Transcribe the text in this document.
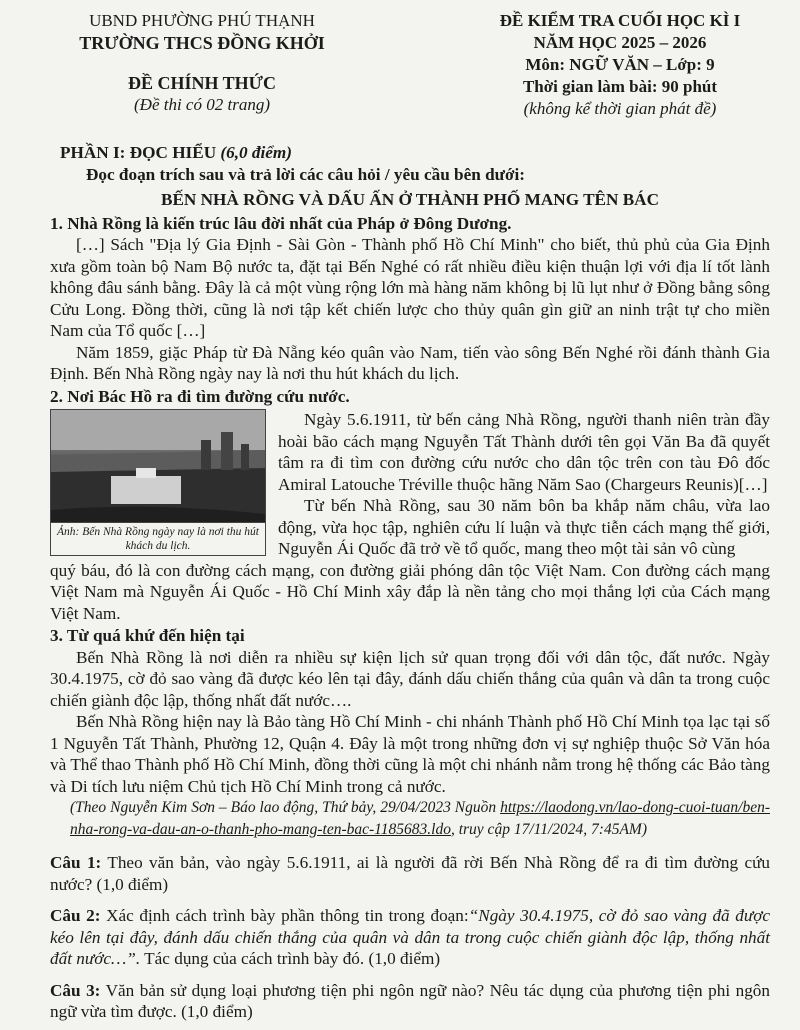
UBND PHƯỜNG PHÚ THẠNH
TRƯỜNG THCS ĐỒNG KHỞI
ĐỀ CHÍNH THỨC
(Đề thi có 02 trang)
ĐỀ KIỂM TRA CUỐI HỌC KÌ I
NĂM HỌC 2025 – 2026
Môn: NGỮ VĂN – Lớp: 9
Thời gian làm bài: 90 phút
(không kể thời gian phát đề)
PHẦN I: ĐỌC HIỂU (6,0 điểm)
Đọc đoạn trích sau và trả lời các câu hỏi / yêu cầu bên dưới:
BẾN NHÀ RỒNG VÀ DẤU ẤN Ở THÀNH PHỐ MANG TÊN BÁC
1. Nhà Rồng là kiến trúc lâu đời nhất của Pháp ở Đông Dương.

[…] Sách "Địa lý Gia Định - Sài Gòn - Thành phố Hồ Chí Minh" cho biết, thủ phủ của Gia Định xưa gồm toàn bộ Nam Bộ nước ta, đặt tại Bến Nghé có rất nhiều điều kiện thuận lợi với địa lí tốt lành không đâu sánh bằng. Đây là cả một vùng rộng lớn mà hàng năm không bị lũ lụt như ở Đồng bằng sông Cửu Long. Đồng thời, cũng là nơi tập kết chiến lược cho thủy quân gìn giữ an ninh trật tự cho miền Nam của Tổ quốc […]

Năm 1859, giặc Pháp từ Đà Nẵng kéo quân vào Nam, tiến vào sông Bến Nghé rồi đánh thành Gia Định. Bến Nhà Rồng ngày nay là nơi thu hút khách du lịch.

2. Nơi Bác Hồ ra đi tìm đường cứu nước.
Ảnh: Bến Nhà Rồng ngày nay là nơi thu hút khách du lịch.

Ngày 5.6.1911, từ bến cảng Nhà Rồng, người thanh niên tràn đầy hoài bão cách mạng Nguyễn Tất Thành dưới tên gọi Văn Ba đã quyết tâm ra đi tìm con đường cứu nước cho dân tộc trên con tàu Đô đốc Amiral Latouche Tréville thuộc hãng Năm Sao (Chargeurs Reunis)[…]

Từ bến Nhà Rồng, sau 30 năm bôn ba khắp năm châu, vừa lao động, vừa học tập, nghiên cứu lí luận và thực tiễn cách mạng thế giới, Nguyễn Ái Quốc đã trở về tổ quốc, mang theo một tài sản vô cùng

quý báu, đó là con đường cách mạng, con đường giải phóng dân tộc Việt Nam. Con đường cách mạng Việt Nam mà Nguyễn Ái Quốc - Hồ Chí Minh xây đắp là nền tảng cho mọi thắng lợi của Cách mạng Việt Nam.

3. Từ quá khứ đến hiện tại

Bến Nhà Rồng là nơi diễn ra nhiều sự kiện lịch sử quan trọng đối với dân tộc, đất nước. Ngày 30.4.1975, cờ đỏ sao vàng đã được kéo lên tại đây, đánh dấu chiến thắng của quân và dân ta trong cuộc chiến giành độc lập, thống nhất đất nước….

Bến Nhà Rồng hiện nay là Bảo tàng Hồ Chí Minh - chi nhánh Thành phố Hồ Chí Minh tọa lạc tại số 1 Nguyễn Tất Thành, Phường 12, Quận 4. Đây là một trong những đơn vị sự nghiệp thuộc Sở Văn hóa và Thể thao Thành phố Hồ Chí Minh, đồng thời cũng là một chi nhánh nằm trong hệ thống các Bảo tàng và Di tích lưu niệm Chủ tịch Hồ Chí Minh trong cả nước.

(Theo Nguyễn Kim Sơn – Báo lao động, Thứ bảy, 29/04/2023 Nguồn https://laodong.vn/lao-dong-cuoi-tuan/ben-nha-rong-va-dau-an-o-thanh-pho-mang-ten-bac-1185683.ldo, truy cập 17/11/2024, 7:45AM)

Câu 1: Theo văn bản, vào ngày 5.6.1911, ai là người đã rời Bến Nhà Rồng để ra đi tìm đường cứu nước? (1,0 điểm)

Câu 2: Xác định cách trình bày phần thông tin trong đoạn:“Ngày 30.4.1975, cờ đỏ sao vàng đã được kéo lên tại đây, đánh dấu chiến thắng của quân và dân ta trong cuộc chiến giành độc lập, thống nhất đất nước…”. Tác dụng của cách trình bày đó. (1,0 điểm)

Câu 3: Văn bản sử dụng loại phương tiện phi ngôn ngữ nào? Nêu tác dụng của phương tiện phi ngôn ngữ vừa tìm được. (1,0 điểm)
